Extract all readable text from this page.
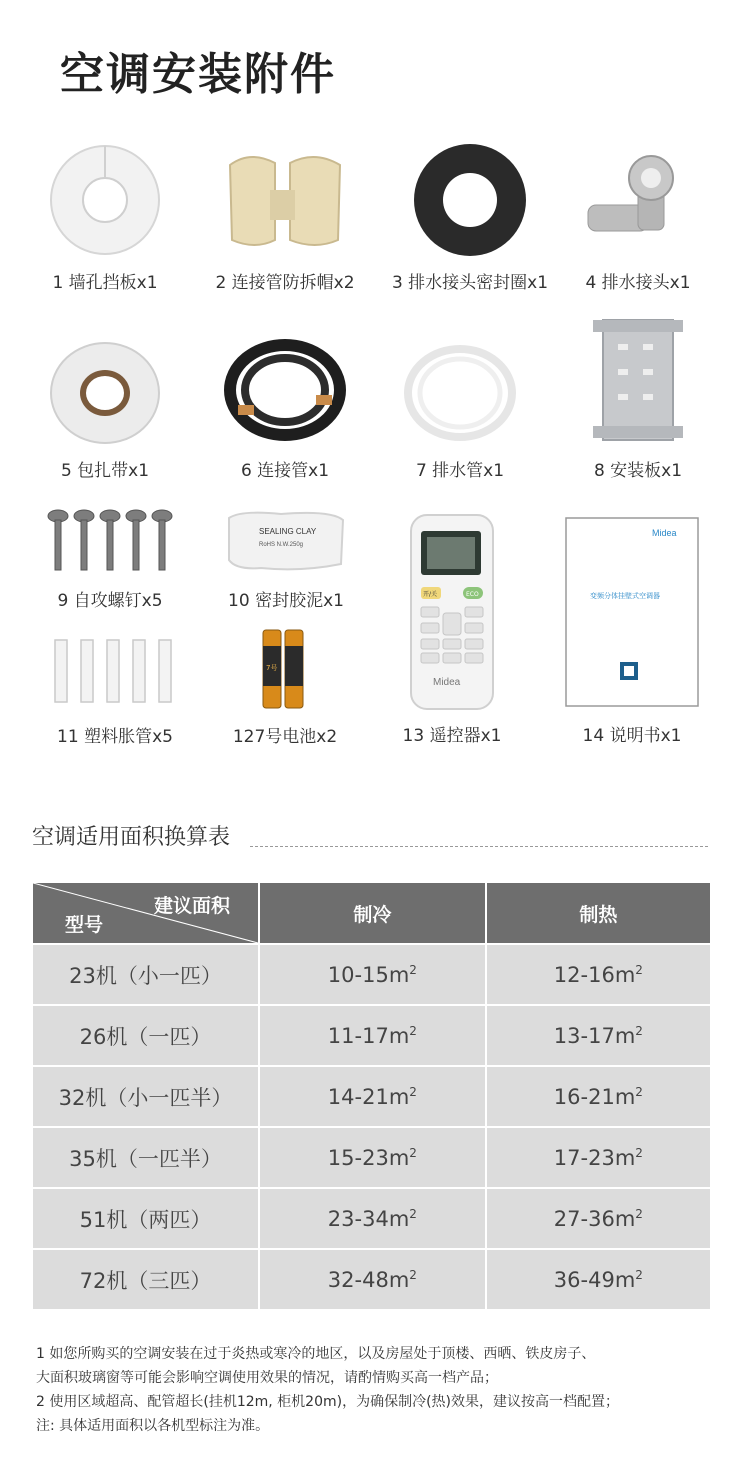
空调安装附件
1 墙孔挡板x1	2 连接管防拆帽x2	3 排水接头密封圈x1	4 排水接头x1
5 包扎带x1	6 连接管x1	7 排水管x1	8 安装板x1
9 自攻螺钉x5
SEALING CLAY
RoHS N.W.250g
10 密封胶泥x1	开/关	ECO
Midea
13 遥控器x1
Midea
变频分体挂壁式空调器
14 说明书x1
11 塑料胀管x5
7号
127号电池x2
空调适用面积换算表
建议面积
型号	制冷	制热
23机（小一匹）	$10-15m^2$	$12-16m^2$
26机（一匹）	$11-17m^2$	$13-17m^2$
32机（小一匹半）	$14-21m^2$	$16-21m^2$
35机（一匹半）	$15-23m^2$	$17-23m^2$
51机（两匹）	$23-34m^2$	$27-36m^2$
72机（三匹）	$32-48m^2$	$36-49m^2$
1 如您所购买的空调安装在过于炎热或寒冷的地区，以及房屋处于顶楼、西晒、铁皮房子、
大面积玻璃窗等可能会影响空调使用效果的情况，请酌情购买高一档产品；
2 使用区域超高、配管超长(挂机12m, 柜机20m)，为确保制冷(热)效果，建议按高一档配置；
注: 具体适用面积以各机型标注为准。
